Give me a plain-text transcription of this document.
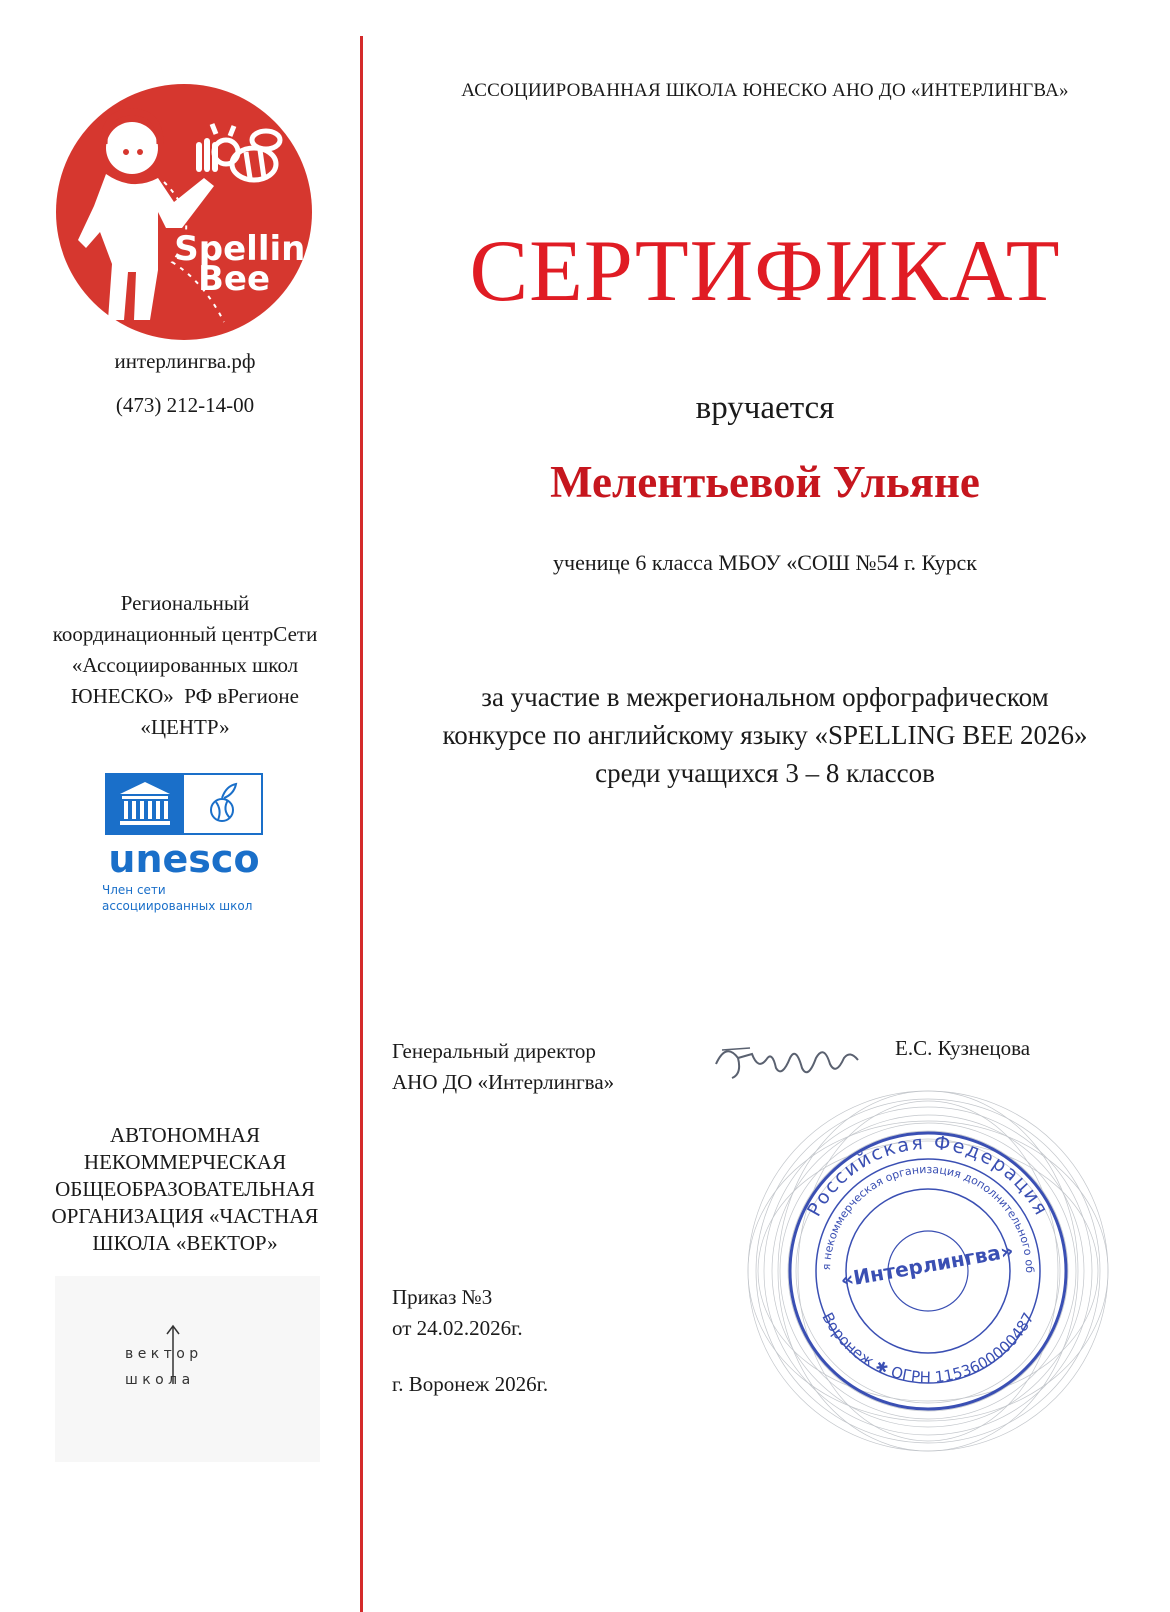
Spelling
Bee
интерлингва.рф
(473) 212-14-00
Региональный
координационный центрСети
«Ассоциированных школ
ЮНЕСКО»  РФ вРегионе
«ЦЕНТР»
unesco
Член сети
ассоциированных школ
АВТОНОМНАЯ
НЕКОММЕРЧЕСКАЯ
ОБЩЕОБРАЗОВАТЕЛЬНАЯ
ОРГАНИЗАЦИЯ «ЧАСТНАЯ
ШКОЛА «ВЕКТОР»
в е к т о р
ш к о л а
АССОЦИИРОВАННАЯ ШКОЛА ЮНЕСКО АНО ДО «ИНТЕРЛИНГВА»
СЕРТИФИКАТ
вручается
Мелентьевой Ульяне
ученице 6 класса МБОУ «СОШ №54 г. Курск
за участие в межрегиональном орфографическом
конкурсе по английскому языку «SPELLING BEE 2026»
среди учащихся 3 – 8 классов
Российская Федерация
я некоммерческая организация дополнительного об
Воронеж ✱ ОГРН 1153600000487
«Интерлингва»
Генеральный директор
АНО ДО «Интерлингва»
Е.С. Кузнецова
Приказ №3
от 24.02.2026г.
г. Воронеж 2026г.
